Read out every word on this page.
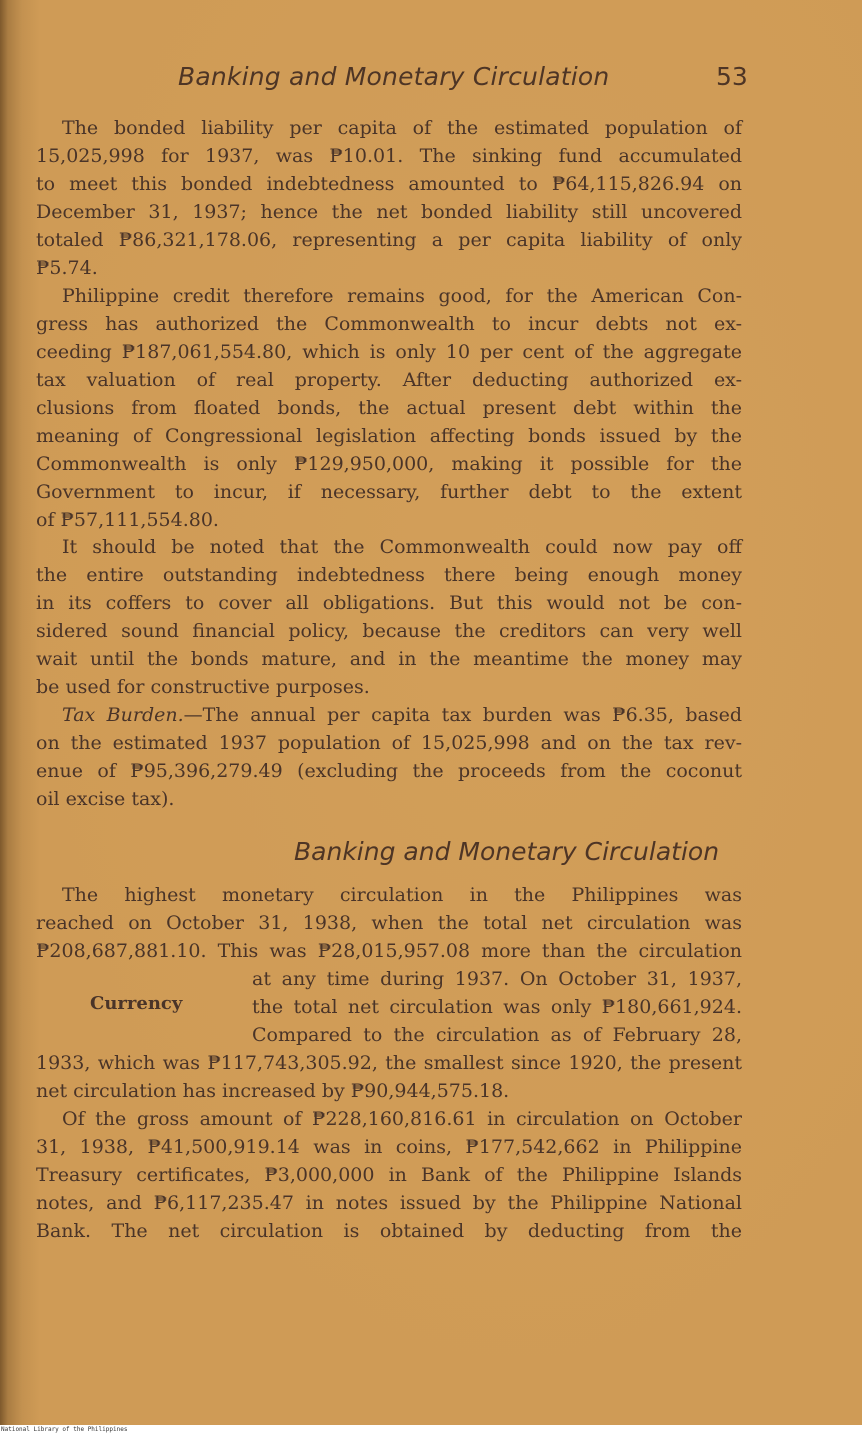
Banking and Monetary Circulation	53
The bonded liability per capita of the estimated population of
15,025,998 for 1937, was ₱10.01. The sinking fund accumulated
to meet this bonded indebtedness amounted to ₱64,115,826.94 on
December 31, 1937; hence the net bonded liability still uncovered
totaled ₱86,321,178.06, representing a per capita liability of only
₱5.74.
Philippine credit therefore remains good, for the American Con-
gress has authorized the Commonwealth to incur debts not ex-
ceeding ₱187,061,554.80, which is only 10 per cent of the aggregate
tax valuation of real property. After deducting authorized ex-
clusions from floated bonds, the actual present debt within the
meaning of Congressional legislation affecting bonds issued by the
Commonwealth is only ₱129,950,000, making it possible for the
Government to incur, if necessary, further debt to the extent
of ₱57,111,554.80.
It should be noted that the Commonwealth could now pay off
the entire outstanding indebtedness there being enough money
in its coffers to cover all obligations. But this would not be con-
sidered sound financial policy, because the creditors can very well
wait until the bonds mature, and in the meantime the money may
be used for constructive purposes.
Tax Burden.—The annual per capita tax burden was ₱6.35, based
on the estimated 1937 population of 15,025,998 and on the tax rev-
enue of ₱95,396,279.49 (excluding the proceeds from the coconut
oil excise tax).
Banking and Monetary Circulation
The highest monetary circulation in the Philippines was
reached on October 31, 1938, when the total net circulation was
₱208,687,881.10. This was ₱28,015,957.08 more than the circulation
at any time during 1937. On October 31, 1937,
Currency	the total net circulation was only ₱180,661,924.
Compared to the circulation as of February 28,
1933, which was ₱117,743,305.92, the smallest since 1920, the present
net circulation has increased by ₱90,944,575.18.
Of the gross amount of ₱228,160,816.61 in circulation on October
31, 1938, ₱41,500,919.14 was in coins, ₱177,542,662 in Philippine
Treasury certificates, ₱3,000,000 in Bank of the Philippine Islands
notes, and ₱6,117,235.47 in notes issued by the Philippine National
Bank. The net circulation is obtained by deducting from the
National Library of the Philippines
